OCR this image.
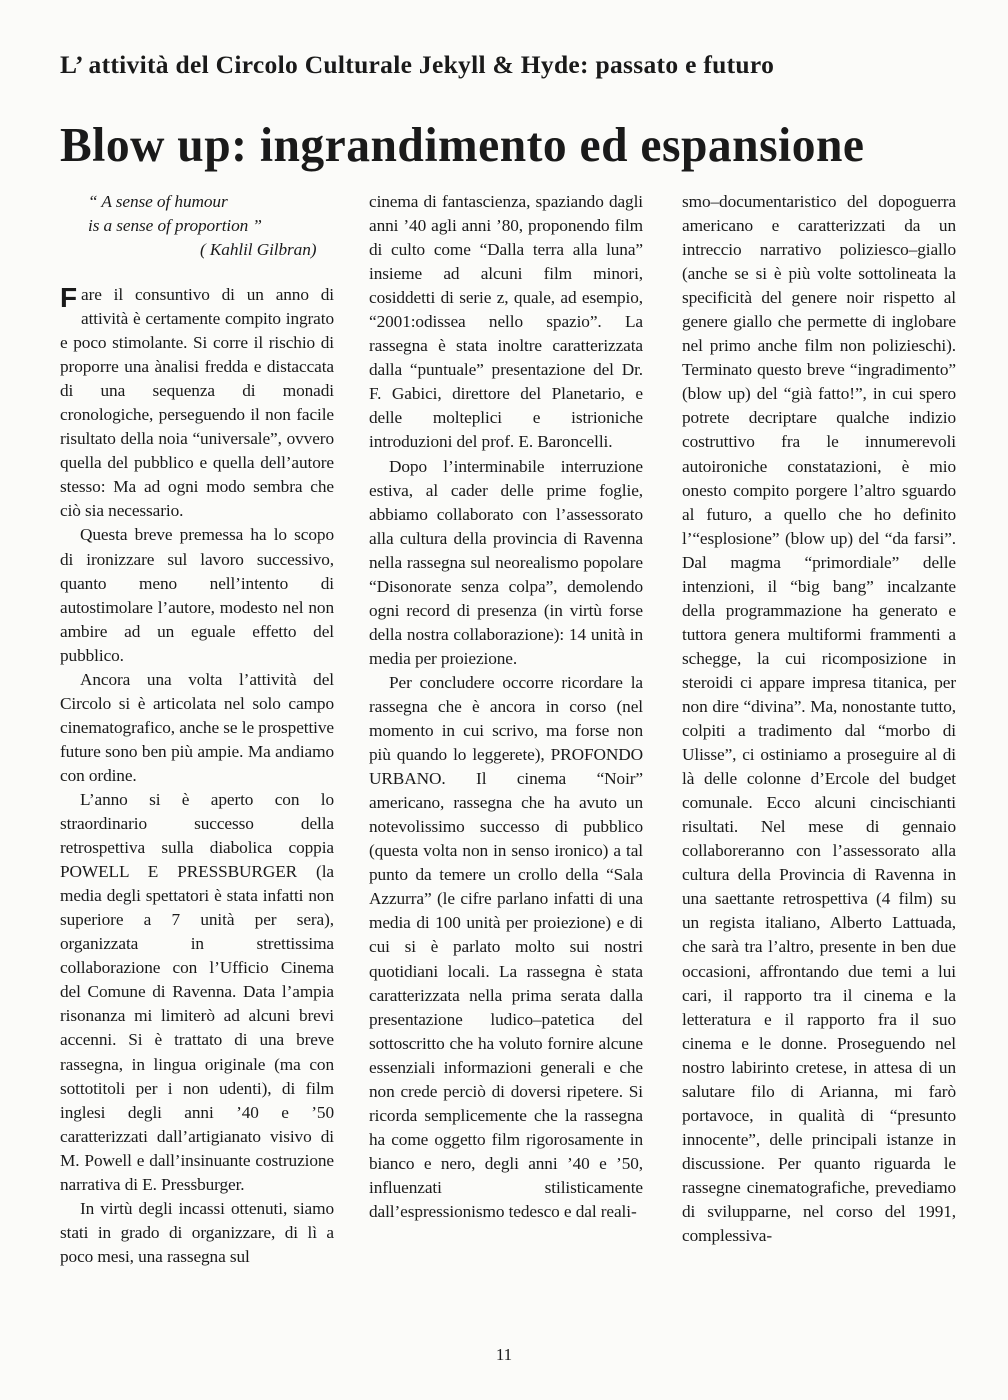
L’ attività del Circolo Culturale Jekyll & Hyde: passato e futuro
Blow up: ingrandimento ed espansione
“ A sense of humour
is a sense of proportion ”
( Kahlil Gilbran)

Fare il consuntivo di un anno di attività è certamente compito ingrato e poco stimolante. Si corre il rischio di proporre una ànalisi fredda e distaccata di una sequenza di monadi cronologiche, perseguendo il non facile risultato della noia “universale”, ovvero quella del pubblico e quella dell’autore stesso: Ma ad ogni modo sembra che ciò sia necessario.

Questa breve premessa ha lo scopo di ironizzare sul lavoro successivo, quanto meno nell’intento di autostimolare l’autore, modesto nel non ambire ad un eguale effetto del pubblico.

Ancora una volta l’attività del Circolo si è articolata nel solo campo cinematografico, anche se le prospettive future sono ben più ampie. Ma andiamo con ordine.

L’anno si è aperto con lo straordinario successo della retrospettiva sulla diabolica coppia POWELL E PRESSBURGER (la media degli spettatori è stata infatti non superiore a 7 unità per sera), organizzata in strettissima collaborazione con l’Ufficio Cinema del Comune di Ravenna. Data l’ampia risonanza mi limiterò ad alcuni brevi accenni. Si è trattato di una breve rassegna, in lingua originale (ma con sottotitoli per i non udenti), di film inglesi degli anni ’40 e ’50 caratterizzati dall’artigianato visivo di M. Powell e dall’insinuante costruzione narrativa di E. Pressburger.

In virtù degli incassi ottenuti, siamo stati in grado di organizzare, di lì a poco mesi, una rassegna sul

cinema di fantascienza, spaziando dagli anni ’40 agli anni ’80, proponendo film di culto come “Dalla terra alla luna” insieme ad alcuni film minori, cosiddetti di serie z, quale, ad esempio, “2001:odissea nello spazio”. La rassegna è stata inoltre caratterizzata dalla “puntuale” presentazione del Dr. F. Gabici, direttore del Planetario, e delle molteplici e istrioniche introduzioni del prof. E. Baroncelli.

Dopo l’interminabile interruzione estiva, al cader delle prime foglie, abbiamo collaborato con l’assessorato alla cultura della provincia di Ravenna nella rassegna sul neorealismo popolare “Disonorate senza colpa”, demolendo ogni record di presenza (in virtù forse della nostra collaborazione): 14 unità in media per proiezione.

Per concludere occorre ricordare la rassegna che è ancora in corso (nel momento in cui scrivo, ma forse non più quando lo leggerete), PROFONDO URBANO. Il cinema “Noir” americano, rassegna che ha avuto un notevolissimo successo di pubblico (questa volta non in senso ironico) a tal punto da temere un crollo della “Sala Azzurra” (le cifre parlano infatti di una media di 100 unità per proiezione) e di cui si è parlato molto sui nostri quotidiani locali. La rassegna è stata caratterizzata nella prima serata dalla presentazione ludico–patetica del sottoscritto che ha voluto fornire alcune essenziali informazioni generali e che non crede perciò di doversi ripetere. Si ricorda semplicemente che la rassegna ha come oggetto film rigorosamente in bianco e nero, degli anni ’40 e ’50, influenzati stilisticamente dall’espressionismo tedesco e dal reali-

smo–documentaristico del dopoguerra americano e caratterizzati da un intreccio narrativo poliziesco–giallo (anche se si è più volte sottolineata la specificità del genere noir rispetto al genere giallo che permette di inglobare nel primo anche film non polizieschi). Terminato questo breve “ingradimento” (blow up) del “già fatto!”, in cui spero potrete decriptare qualche indizio costruttivo fra le innumerevoli autoironiche constatazioni, è mio onesto compito porgere l’altro sguardo al futuro, a quello che ho definito l’“esplosione” (blow up) del “da farsi”. Dal magma “primordiale” delle intenzioni, il “big bang” incalzante della programmazione ha generato e tuttora genera multiformi frammenti a schegge, la cui ricomposizione in steroidi ci appare impresa titanica, per non dire “divina”. Ma, nonostante tutto, colpiti a tradimento dal “morbo di Ulisse”, ci ostiniamo a proseguire al di là delle colonne d’Ercole del budget comunale. Ecco alcuni cincischianti risultati. Nel mese di gennaio collaboreranno con l’assessorato alla cultura della Provincia di Ravenna in una saettante retrospettiva (4 film) su un regista italiano, Alberto Lattuada, che sarà tra l’altro, presente in ben due occasioni, affrontando due temi a lui cari, il rapporto tra il cinema e la letteratura e il rapporto fra il suo cinema e le donne. Proseguendo nel nostro labirinto cretese, in attesa di un salutare filo di Arianna, mi farò portavoce, in qualità di “presunto innocente”, delle principali istanze in discussione. Per quanto riguarda le rassegne cinematografiche, prevediamo di svilupparne, nel corso del 1991, complessiva-

11
